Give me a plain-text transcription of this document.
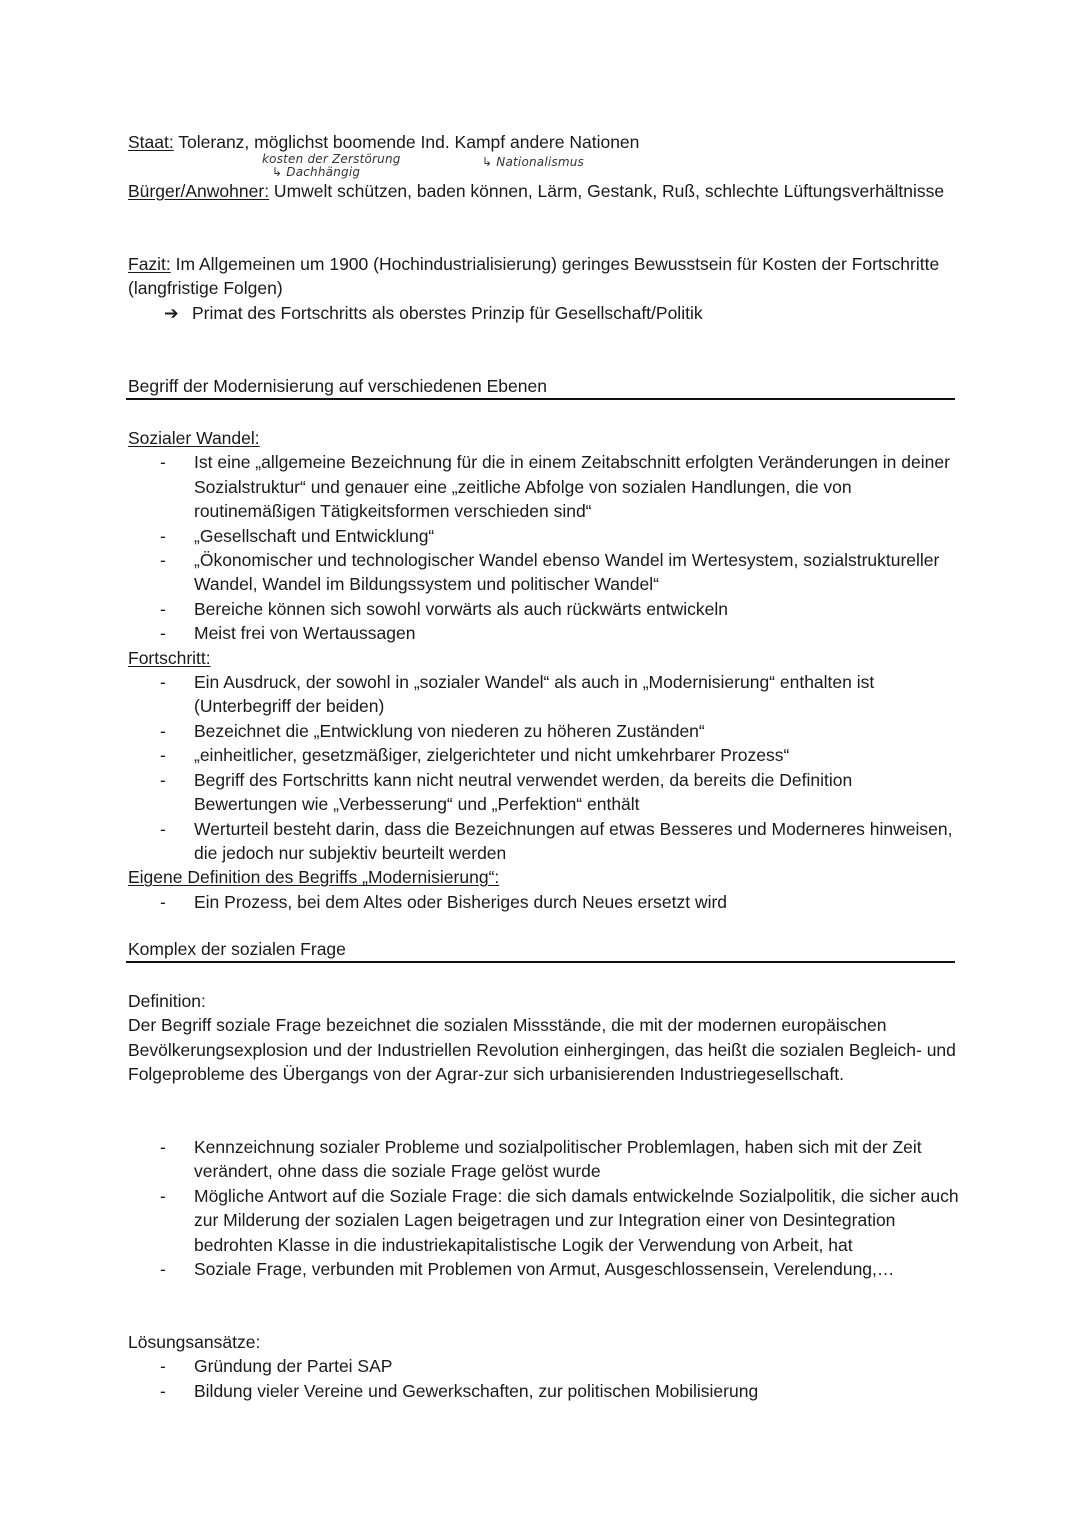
Staat: Toleranz, möglichst boomende Ind. Kampf andere Nationen

kosten der Zerstörung
↳ Dachhängig
↳ Nationalismus

Bürger/Anwohner: Umwelt schützen, baden können, Lärm, Gestank, Ruß, schlechte Lüftungsverhältnisse

Fazit: Im Allgemeinen um 1900 (Hochindustrialisierung) geringes Bewusstsein für Kosten der Fortschritte (langfristige Folgen)

➔ Primat des Fortschritts als oberstes Prinzip für Gesellschaft/Politik

Begriff der Modernisierung auf verschiedenen Ebenen

Sozialer Wandel:

- Ist eine „allgemeine Bezeichnung für die in einem Zeitabschnitt erfolgten Veränderungen in deiner Sozialstruktur“ und genauer eine „zeitliche Abfolge von sozialen Handlungen, die von routinemäßigen Tätigkeitsformen verschieden sind“
- „Gesellschaft und Entwicklung“
- „Ökonomischer und technologischer Wandel ebenso Wandel im Wertesystem, sozialstruktureller Wandel, Wandel im Bildungssystem und politischer Wandel“
- Bereiche können sich sowohl vorwärts als auch rückwärts entwickeln
- Meist frei von Wertaussagen

Fortschritt:

- Ein Ausdruck, der sowohl in „sozialer Wandel“ als auch in „Modernisierung“ enthalten ist (Unterbegriff der beiden)
- Bezeichnet die „Entwicklung von niederen zu höheren Zuständen“
- „einheitlicher, gesetzmäßiger, zielgerichteter und nicht umkehrbarer Prozess“
- Begriff des Fortschritts kann nicht neutral verwendet werden, da bereits die Definition Bewertungen wie „Verbesserung“ und „Perfektion“ enthält
- Werturteil besteht darin, dass die Bezeichnungen auf etwas Besseres und Moderneres hinweisen, die jedoch nur subjektiv beurteilt werden

Eigene Definition des Begriffs „Modernisierung“:

- Ein Prozess, bei dem Altes oder Bisheriges durch Neues ersetzt wird

Komplex der sozialen Frage

Definition:

Der Begriff soziale Frage bezeichnet die sozialen Missstände, die mit der modernen europäischen Bevölkerungsexplosion und der Industriellen Revolution einhergingen, das heißt die sozialen Begleich- und Folgeprobleme des Übergangs von der Agrar-zur sich urbanisierenden Industriegesellschaft.

- Kennzeichnung sozialer Probleme und sozialpolitischer Problemlagen, haben sich mit der Zeit verändert, ohne dass die soziale Frage gelöst wurde
- Mögliche Antwort auf die Soziale Frage: die sich damals entwickelnde Sozialpolitik, die sicher auch zur Milderung der sozialen Lagen beigetragen und zur Integration einer von Desintegration bedrohten Klasse in die industriekapitalistische Logik der Verwendung von Arbeit, hat
- Soziale Frage, verbunden mit Problemen von Armut, Ausgeschlossensein, Verelendung,…

Lösungsansätze:

- Gründung der Partei SAP
- Bildung vieler Vereine und Gewerkschaften, zur politischen Mobilisierung
